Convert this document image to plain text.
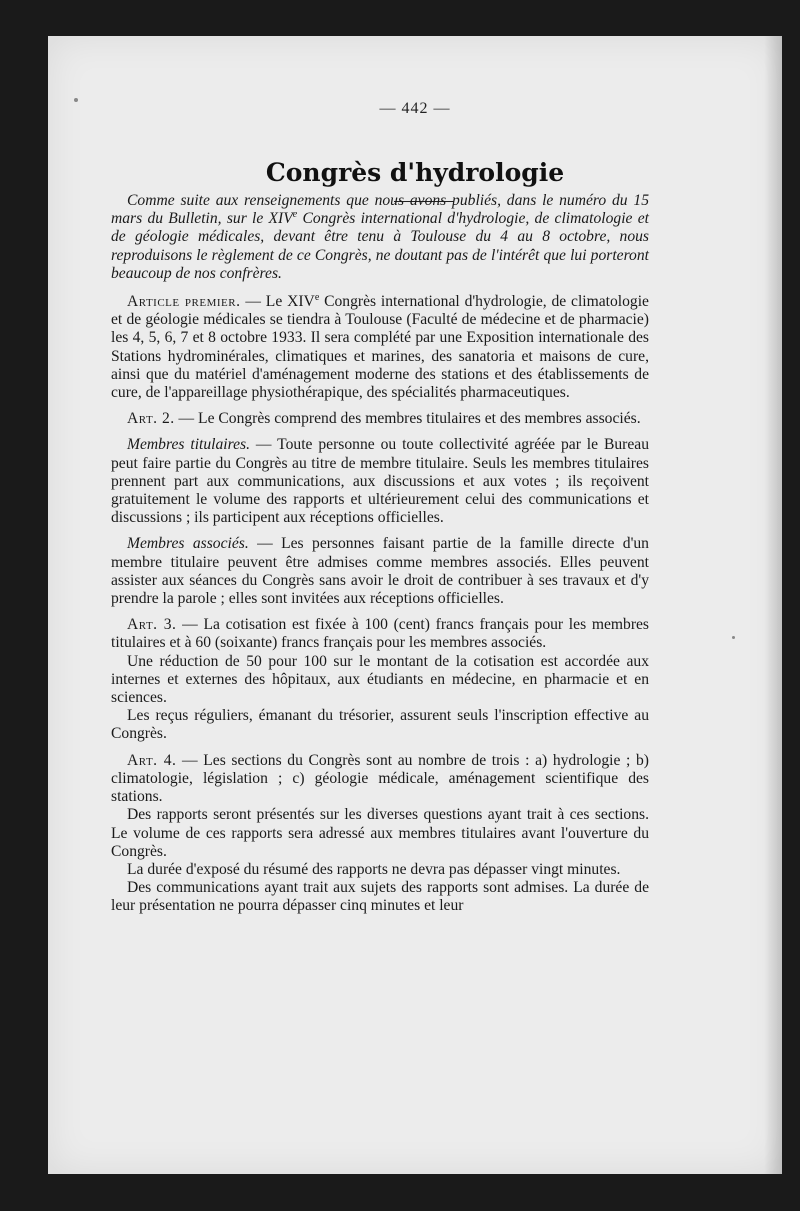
— 442 —
Congrès d'hydrologie

Comme suite aux renseignements que nous avons publiés, dans le numéro du 15 mars du Bulletin, sur le XIVe Congrès international d'hydrologie, de climatologie et de géologie médicales, devant être tenu à Toulouse du 4 au 8 octobre, nous reproduisons le règlement de ce Congrès, ne doutant pas de l'intérêt que lui porteront beaucoup de nos confrères.

Article premier. — Le XIVe Congrès international d'hydrologie, de climatologie et de géologie médicales se tiendra à Toulouse (Faculté de médecine et de pharmacie) les 4, 5, 6, 7 et 8 octobre 1933. Il sera complété par une Exposition internationale des Stations hydrominérales, climatiques et marines, des sanatoria et maisons de cure, ainsi que du matériel d'aménagement moderne des stations et des établissements de cure, de l'appareillage physiothérapique, des spécialités pharmaceutiques.

Art. 2. — Le Congrès comprend des membres titulaires et des membres associés.

Membres titulaires. — Toute personne ou toute collectivité agréée par le Bureau peut faire partie du Congrès au titre de membre titulaire. Seuls les membres titulaires prennent part aux communications, aux discussions et aux votes ; ils reçoivent gratuitement le volume des rapports et ultérieurement celui des communications et discussions ; ils participent aux réceptions officielles.

Membres associés. — Les personnes faisant partie de la famille directe d'un membre titulaire peuvent être admises comme membres associés. Elles peuvent assister aux séances du Congrès sans avoir le droit de contribuer à ses travaux et d'y prendre la parole ; elles sont invitées aux réceptions officielles.

Art. 3. — La cotisation est fixée à 100 (cent) francs français pour les membres titulaires et à 60 (soixante) francs français pour les membres associés.

Une réduction de 50 pour 100 sur le montant de la cotisation est accordée aux internes et externes des hôpitaux, aux étudiants en médecine, en pharmacie et en sciences.

Les reçus réguliers, émanant du trésorier, assurent seuls l'inscription effective au Congrès.

Art. 4. — Les sections du Congrès sont au nombre de trois : a) hydrologie ; b) climatologie, législation ; c) géologie médicale, aménagement scientifique des stations.

Des rapports seront présentés sur les diverses questions ayant trait à ces sections. Le volume de ces rapports sera adressé aux membres titulaires avant l'ouverture du Congrès.

La durée d'exposé du résumé des rapports ne devra pas dépasser vingt minutes.

Des communications ayant trait aux sujets des rapports sont admises. La durée de leur présentation ne pourra dépasser cinq minutes et leur
